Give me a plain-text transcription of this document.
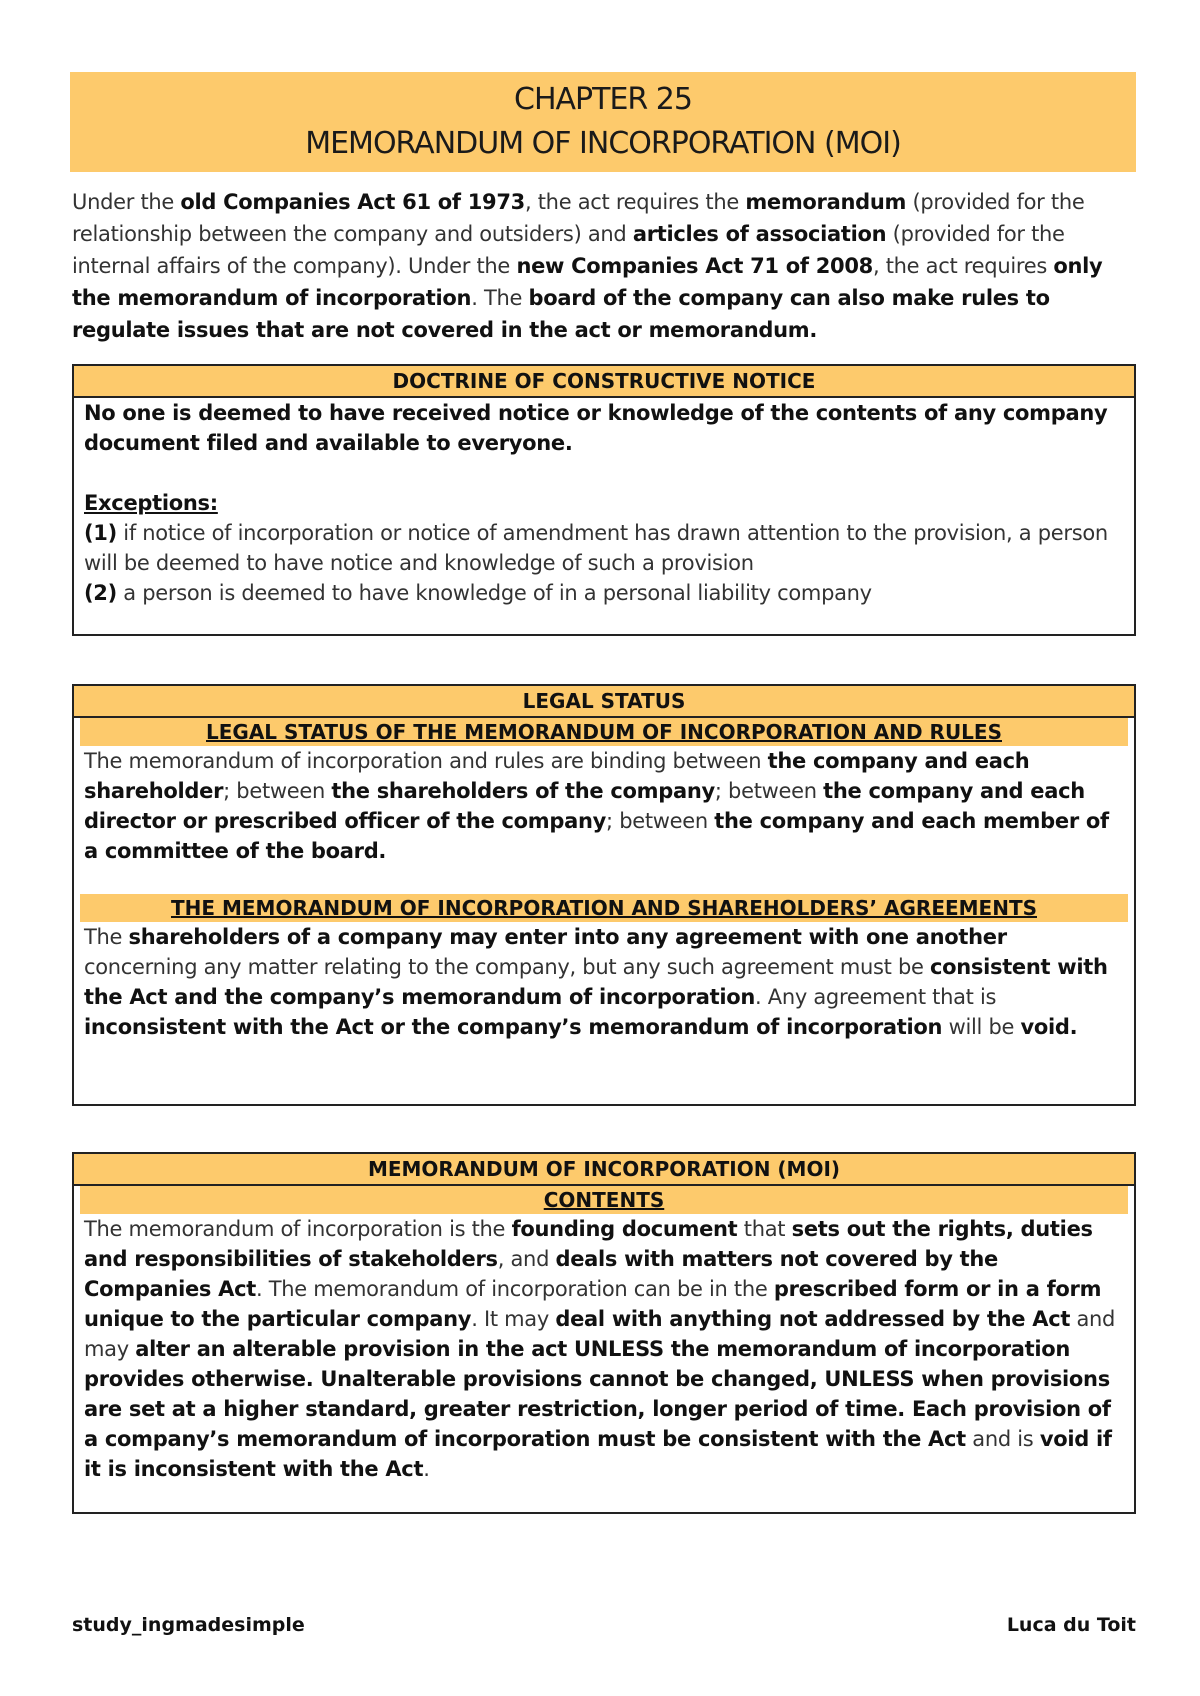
CHAPTER 25
MEMORANDUM OF INCORPORATION (MOI)
Under the old Companies Act 61 of 1973, the act requires the memorandum (provided for the relationship between the company and outsiders) and articles of association (provided for the internal affairs of the company). Under the new Companies Act 71 of 2008, the act requires only the memorandum of incorporation. The board of the company can also make rules to regulate issues that are not covered in the act or memorandum.
DOCTRINE OF CONSTRUCTIVE NOTICE
No one is deemed to have received notice or knowledge of the contents of any company document filed and available to everyone.
Exceptions:
(1) if notice of incorporation or notice of amendment has drawn attention to the provision, a person will be deemed to have notice and knowledge of such a provision
(2) a person is deemed to have knowledge of in a personal liability company
LEGAL STATUS
LEGAL STATUS OF THE MEMORANDUM OF INCORPORATION AND RULES
The memorandum of incorporation and rules are binding between the company and each shareholder; between the shareholders of the company; between the company and each director or prescribed officer of the company; between the company and each member of a committee of the board.
THE MEMORANDUM OF INCORPORATION AND SHAREHOLDERS’ AGREEMENTS
The shareholders of a company may enter into any agreement with one another concerning any matter relating to the company, but any such agreement must be consistent with the Act and the company’s memorandum of incorporation. Any agreement that is inconsistent with the Act or the company’s memorandum of incorporation will be void.
MEMORANDUM OF INCORPORATION (MOI)
CONTENTS
The memorandum of incorporation is the founding document that sets out the rights, duties and responsibilities of stakeholders, and deals with matters not covered by the Companies Act. The memorandum of incorporation can be in the prescribed form or in a form unique to the particular company. It may deal with anything not addressed by the Act and may alter an alterable provision in the act UNLESS the memorandum of incorporation provides otherwise. Unalterable provisions cannot be changed, UNLESS when provisions are set at a higher standard, greater restriction, longer period of time. Each provision of a company’s memorandum of incorporation must be consistent with the Act and is void if it is inconsistent with the Act.
study_ingmadesimple	Luca du Toit
